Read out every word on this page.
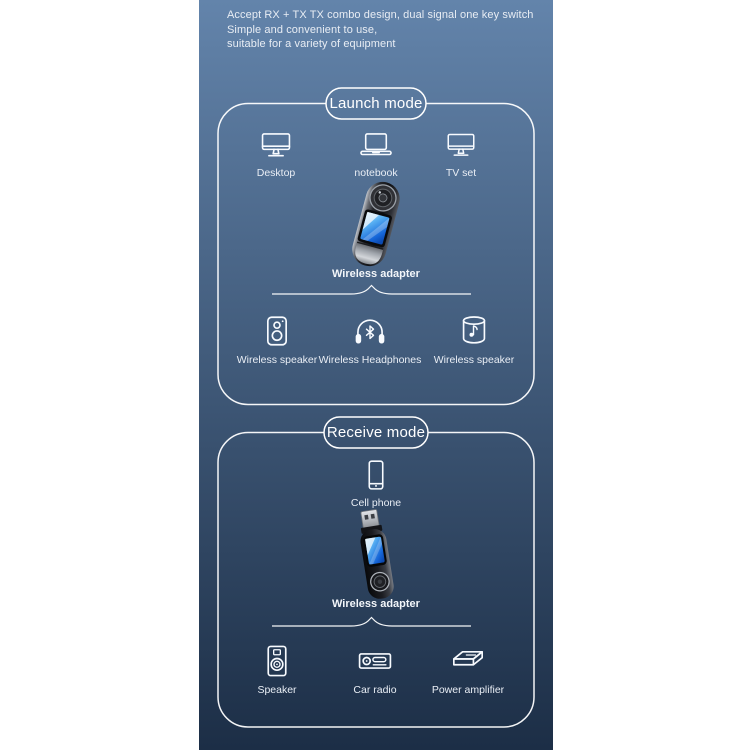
Accept RX + TX TX combo design, dual signal one key switch
Simple and convenient to use,
suitable for a variety of equipment
Launch mode
Receive mode
Desktop	notebook	TV set
Wireless adapter
Wireless speaker Wireless Headphones Wireless speaker
Cell phone
Wireless adapter
Speaker	Car radio	Power amplifier
